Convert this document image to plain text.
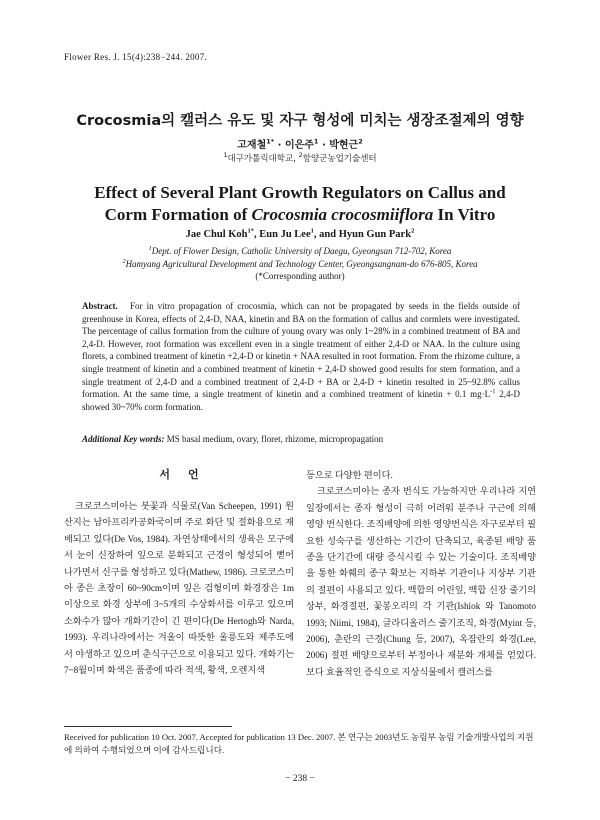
Flower Res. J. 15(4):238−244. 2007.
Crocosmia의 캘러스 유도 및 자구 형성에 미치는 생장조절제의 영향
고재철$^{1*}$ · 이은주$^1$ · 박현근$^2$
$^1$대구가톨릭대학교, $^2$함양군농업기술센터
Effect of Several Plant Growth Regulators on Callus and
Corm Formation of Crocosmia crocosmiiflora In Vitro
Jae Chul Koh$^{1*}$, Eun Ju Lee$^1$, and Hyun Gun Park$^2$
$^1$Dept. of Flower Design, Catholic University of Daegu, Gyeongsan 712-702, Korea
$^2$Hamyang Agricultural Development and Technology Center, Gyeongsangnam-do 676-805, Korea
(*Corresponding author)
Abstract. For in vitro propagation of crocosmia, which can not be propagated by seeds in the fields outside of greenhouse in Korea, effects of 2,4-D, NAA, kinetin and BA on the formation of callus and cormlets were investigated. The percentage of callus formation from the culture of young ovary was only 1~28% in a combined treatment of BA and 2,4-D. However, root formation was excellent even in a single treatment of either 2,4-D or NAA. In the culture using florets, a combined treatment of kinetin +2,4-D or kinetin + NAA resulted in root formation. From the rhizome culture, a single treatment of kinetin and a combined treatment of kinetin + 2,4-D showed good results for stem formation, and a single treatment of 2,4-D and a combined treatment of 2,4-D + BA or 2,4-D + kinetin resulted in 25~92.8% callus formation. At the same time, a single treatment of kinetin and a combined treatment of kinetin + 0.1 $mg\cdot L^{-1}$ 2,4-D showed 30~70% corm formation.
Additional Key words: MS basal medium, ovary, floret, rhizome, micropropagation
서언

크로코스미아는 붓꽃과 식물로(Van Scheepen, 1991) 원산지는 남아프리카공화국이며 주로 화단 및 절화용으로 재배되고 있다(De Vos, 1984). 자연상태에서의 생육은 모구에서 눈이 신장하여 잎으로 분화되고 근경이 형성되어 뻗어 나가면서 신구를 형성하고 있다(Mathew, 1986). 크로코스미아 종은 초장이 60~90cm이며 잎은 검형이며 화경장은 1m 이상으로 화경 상부에 3~5개의 수상화서를 이루고 있으며 소화수가 많아 개화기간이 긴 편이다(De Hertogh와 Narda, 1993). 우리나라에서는 겨울이 따뜻한 울릉도와 제주도에서 야생하고 있으며 춘식구근으로 이용되고 있다. 개화기는 7~8월이며 화색은 품종에 따라 적색, 황색, 오렌지색

등으로 다양한 편이다.

크로코스미아는 종자 번식도 가능하지만 우리나라 지연 일장에서는 종자 형성이 극히 어려워 분주나 구근에 의해 영양 번식한다. 조직배양에 의한 영양번식은 자구로부터 필요한 성숙구를 생산하는 기간이 단축되고, 육종된 배양 품종을 단기간에 대량 증식시킬 수 있는 기술이다. 조직배양을 통한 화훼의 종구 확보는 지하부 기관이나 지상부 기관의 절편이 사용되고 있다. 백합의 어린잎, 백합 신장 줄기의 상부, 화경절편, 꽃봉오리의 각 기관(Ishiok 와 Tanomoto 1993; Niimi, 1984), 글라디올러스 줄기조직, 화경(Myint 등, 2006), 춘란의 근경(Chung 등, 2007), 옥잠란의 화경(Lee, 2006) 절편 배양으로부터 부정아나 재분화 개체를 얻었다. 보다 효율적인 증식으로 지상식물에서 캘러스를

Received for publication 10 Oct. 2007. Accepted for publication 13 Dec. 2007. 본 연구는 2003년도 농림부 농림 기술개발사업의 지원에 의하여 수행되었으며 이에 감사드립니다.
− 238 −
